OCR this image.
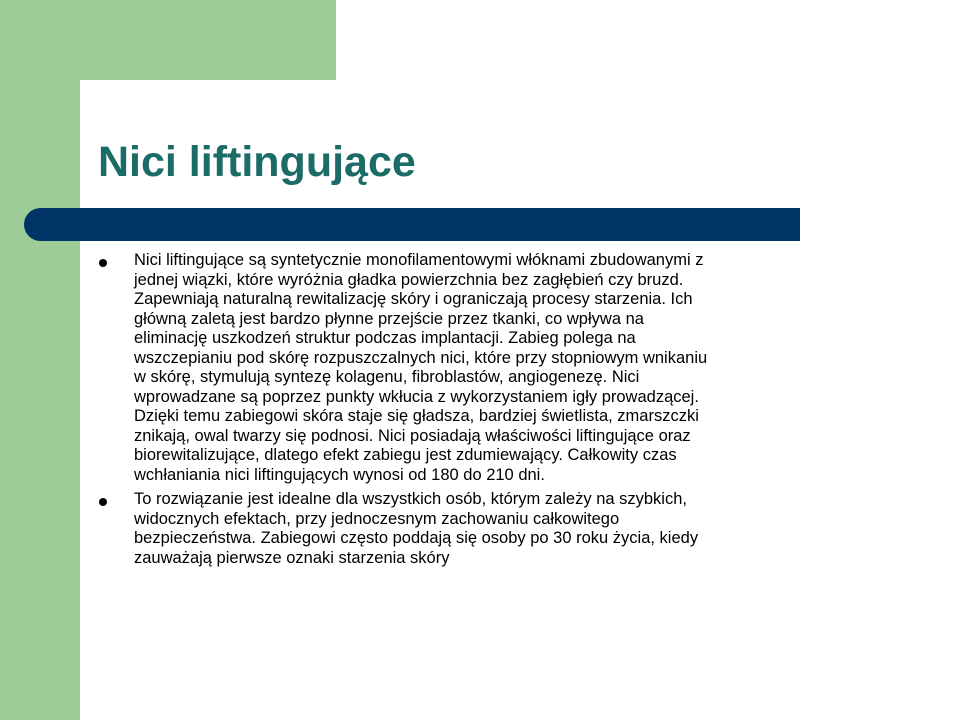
Nici liftingujące
Nici liftingujące są syntetycznie monofilamentowymi włóknami zbudowanymi z
jednej wiązki, które wyróżnia gładka powierzchnia bez zagłębień czy bruzd.
Zapewniają naturalną rewitalizację skóry i ograniczają procesy starzenia. Ich
główną zaletą jest bardzo płynne przejście przez tkanki, co wpływa na
eliminację uszkodzeń struktur podczas implantacji. Zabieg polega na
wszczepianiu pod skórę rozpuszczalnych nici, które przy stopniowym wnikaniu
w skórę, stymulują syntezę kolagenu, fibroblastów, angiogenezę. Nici
wprowadzane są poprzez punkty wkłucia z wykorzystaniem igły prowadzącej.
Dzięki temu zabiegowi skóra staje się gładsza, bardziej świetlista, zmarszczki
znikają, owal twarzy się podnosi. Nici posiadają właściwości liftingujące oraz
biorewitalizujące, dlatego efekt zabiegu jest zdumiewający. Całkowity czas
wchłaniania nici liftingujących wynosi od 180 do 210 dni.
To rozwiązanie jest idealne dla wszystkich osób, którym zależy na szybkich,
widocznych efektach, przy jednoczesnym zachowaniu całkowitego
bezpieczeństwa. Zabiegowi często poddają się osoby po 30 roku życia, kiedy
zauważają pierwsze oznaki starzenia skóry
